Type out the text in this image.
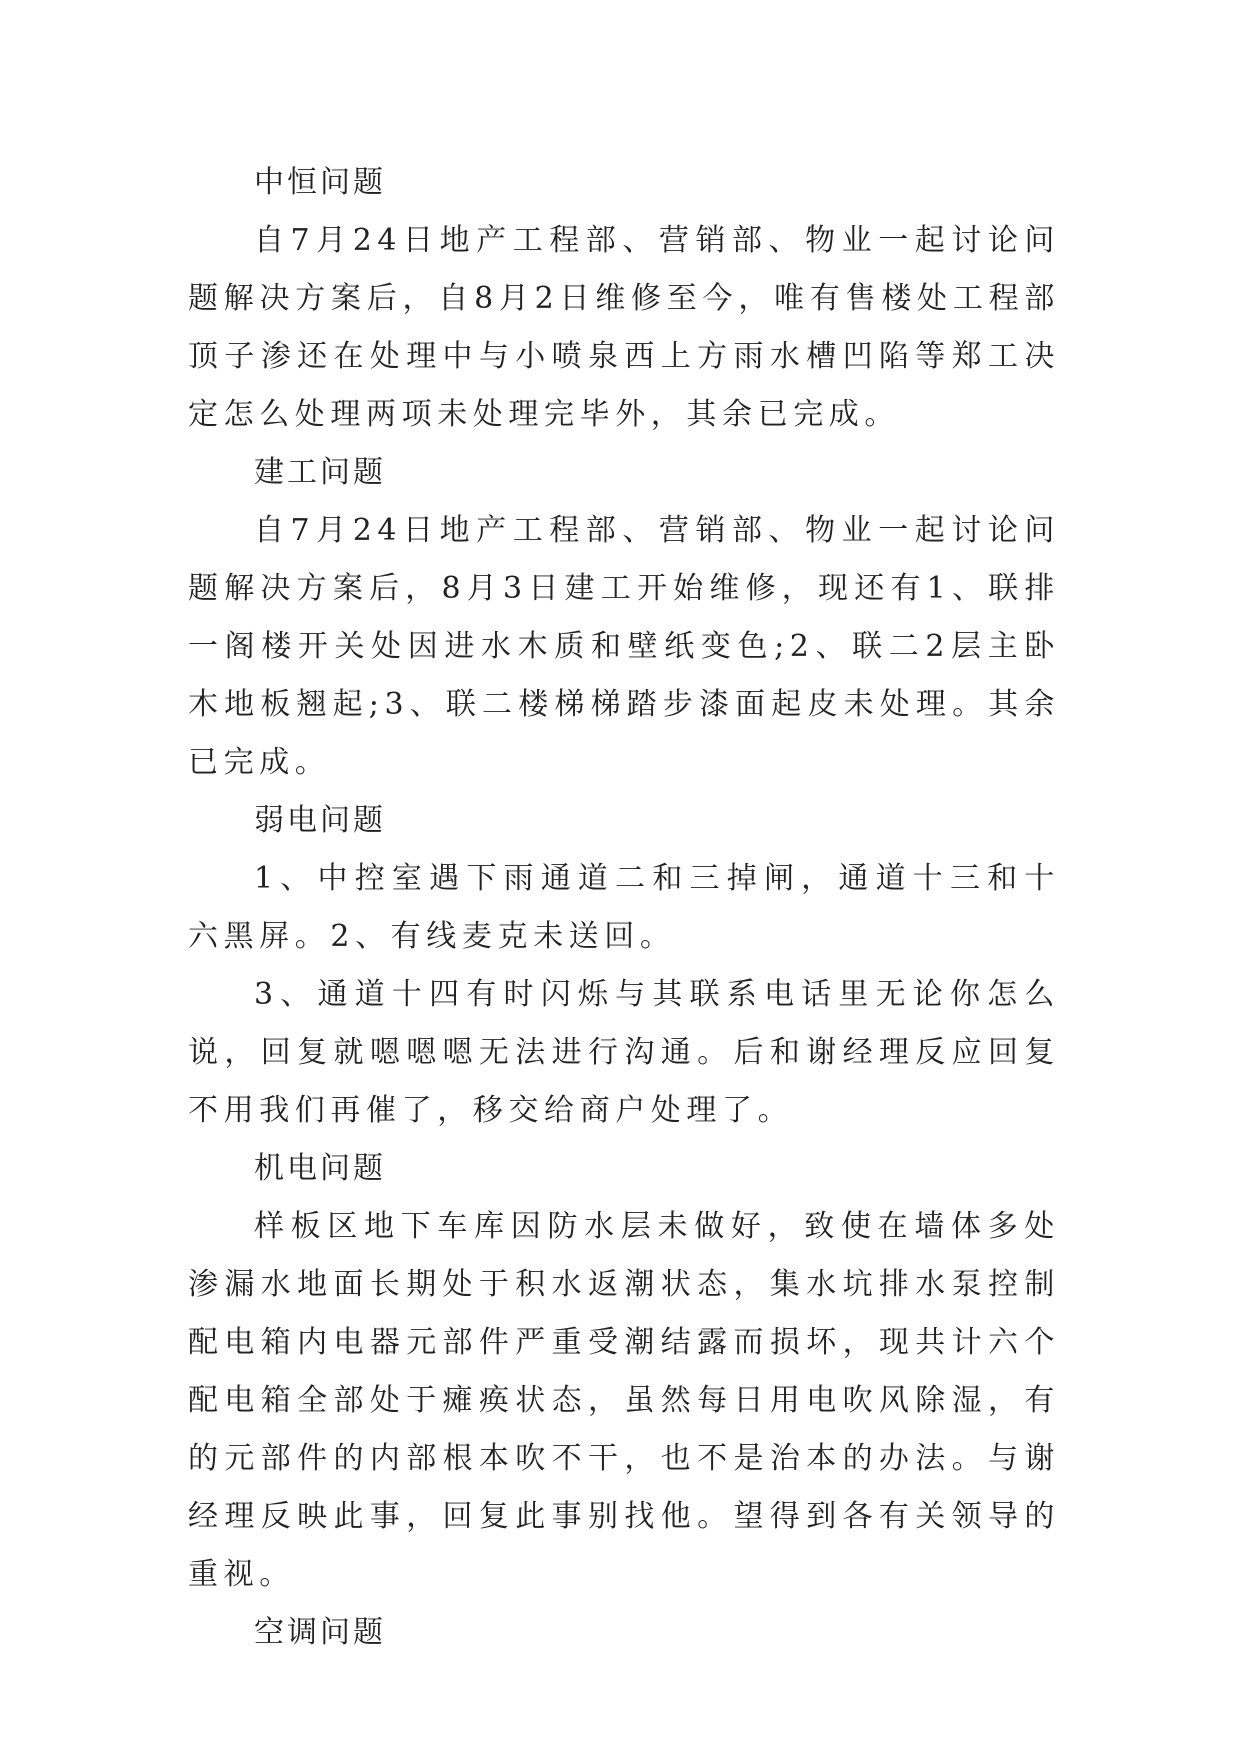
中恒问题

自7月24日地产工程部、营销部、物业一起讨论问题解决方案后，自8月2日维修至今，唯有售楼处工程部顶子渗还在处理中与小喷泉西上方雨水槽凹陷等郑工决定怎么处理两项未处理完毕外，其余已完成。

建工问题

自7月24日地产工程部、营销部、物业一起讨论问题解决方案后，8月3日建工开始维修，现还有1、联排一阁楼开关处因进水木质和壁纸变色;2、联二2层主卧木地板翘起;3、联二楼梯梯踏步漆面起皮未处理。其余已完成。

弱电问题

1、中控室遇下雨通道二和三掉闸，通道十三和十六黑屏。2、有线麦克未送回。

3、通道十四有时闪烁与其联系电话里无论你怎么说，回复就嗯嗯嗯无法进行沟通。后和谢经理反应回复不用我们再催了，移交给商户处理了。

机电问题

样板区地下车库因防水层未做好，致使在墙体多处渗漏水地面长期处于积水返潮状态，集水坑排水泵控制配电箱内电器元部件严重受潮结露而损坏，现共计六个配电箱全部处于瘫痪状态，虽然每日用电吹风除湿，有的元部件的内部根本吹不干，也不是治本的办法。与谢经理反映此事，回复此事别找他。望得到各有关领导的重视。

空调问题
